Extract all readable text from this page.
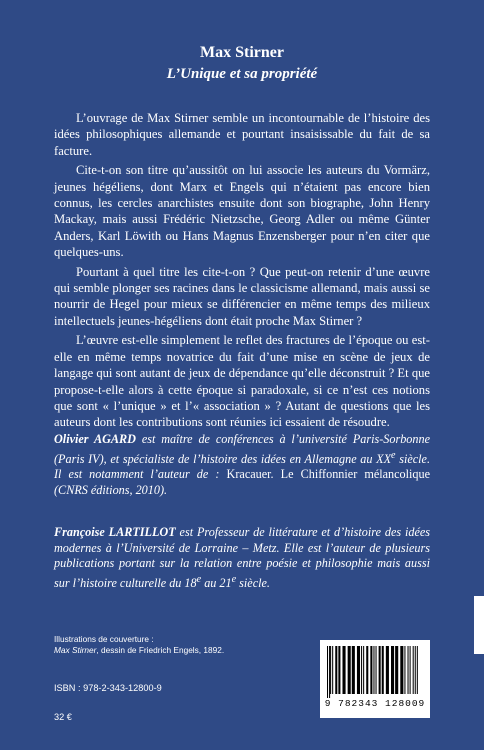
Max Stirner
L’Unique et sa propriété

L’ouvrage de Max Stirner semble un incontournable de l’histoire des idées philosophiques allemande et pourtant insaisissable du fait de sa facture.

Cite-t-on son titre qu’aussitôt on lui associe les auteurs du Vormärz, jeunes hégéliens, dont Marx et Engels qui n’étaient pas encore bien connus, les cercles anarchistes ensuite dont son biographe, John Henry Mackay, mais aussi Frédéric Nietzsche, Georg Adler ou même Günter Anders, Karl Löwith ou Hans Magnus Enzensberger pour n’en citer que quelques-uns.

Pourtant à quel titre les cite-t-on ? Que peut-on retenir d’une œuvre qui semble plonger ses racines dans le classicisme allemand, mais aussi se nourrir de Hegel pour mieux se différencier en même temps des milieux intellectuels jeunes-hégéliens dont était proche Max Stirner ?

L’œuvre est-elle simplement le reflet des fractures de l’époque ou est-elle en même temps novatrice du fait d’une mise en scène de jeux de langage qui sont autant de jeux de dépendance qu’elle déconstruit ? Et que propose-t-elle alors à cette époque si paradoxale, si ce n’est ces notions que sont « l’unique » et l’« association » ? Autant de questions que les auteurs dont les contributions sont réunies ici essaient de résoudre.

Olivier AGARD est maître de conférences à l’université Paris-Sorbonne (Paris IV), et spécialiste de l’histoire des idées en Allemagne au XXe siècle. Il est notamment l’auteur de : Kracauer. Le Chiffonnier mélancolique (CNRS éditions, 2010).
Françoise LARTILLOT est Professeur de littérature et d’histoire des idées modernes à l’Université de Lorraine – Metz. Elle est l’auteur de plusieurs publications portant sur la relation entre poésie et philosophie mais aussi sur l’histoire culturelle du 18e au 21e siècle.
Illustrations de couverture :
Max Stirner, dessin de Friedrich Engels, 1892.
ISBN : 978-2-343-12800-9
32 €
9 782343 128009
